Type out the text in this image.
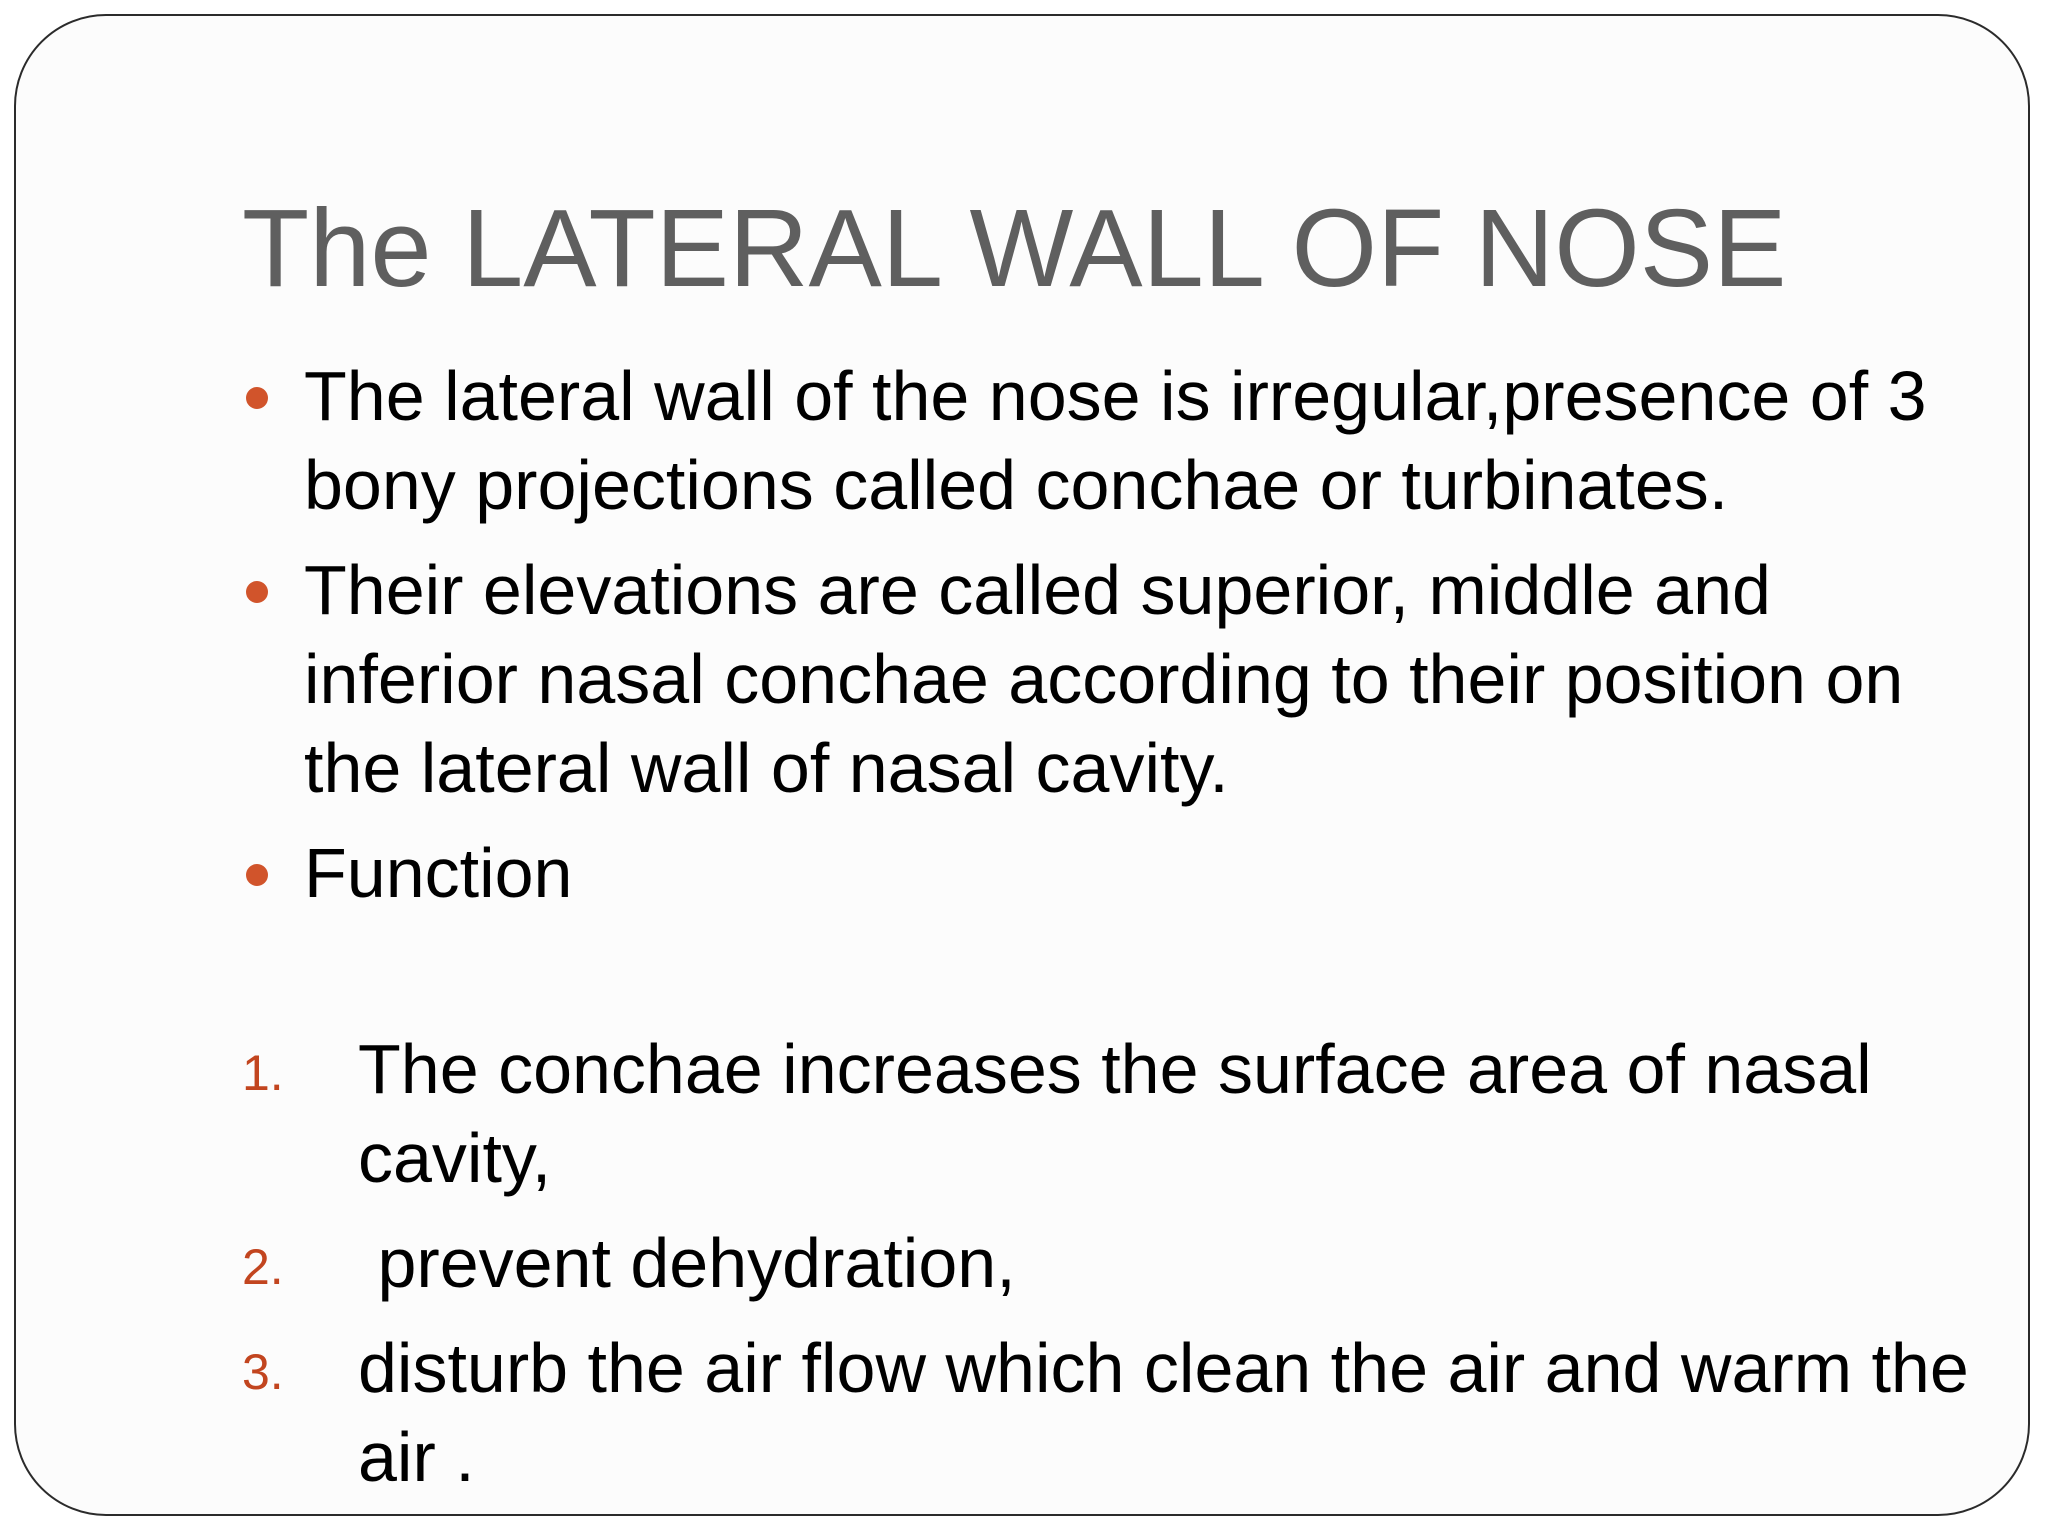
The LATERAL WALL OF NOSE
The lateral wall of the nose is irregular,presence of 3 bony projections called conchae or turbinates.
Their elevations are called superior, middle and inferior nasal conchae according to their position on the lateral wall of nasal cavity.
Function
1. The conchae increases the surface area of nasal cavity,
2. prevent dehydration,
3. disturb the air flow which clean the air and warm the air .
